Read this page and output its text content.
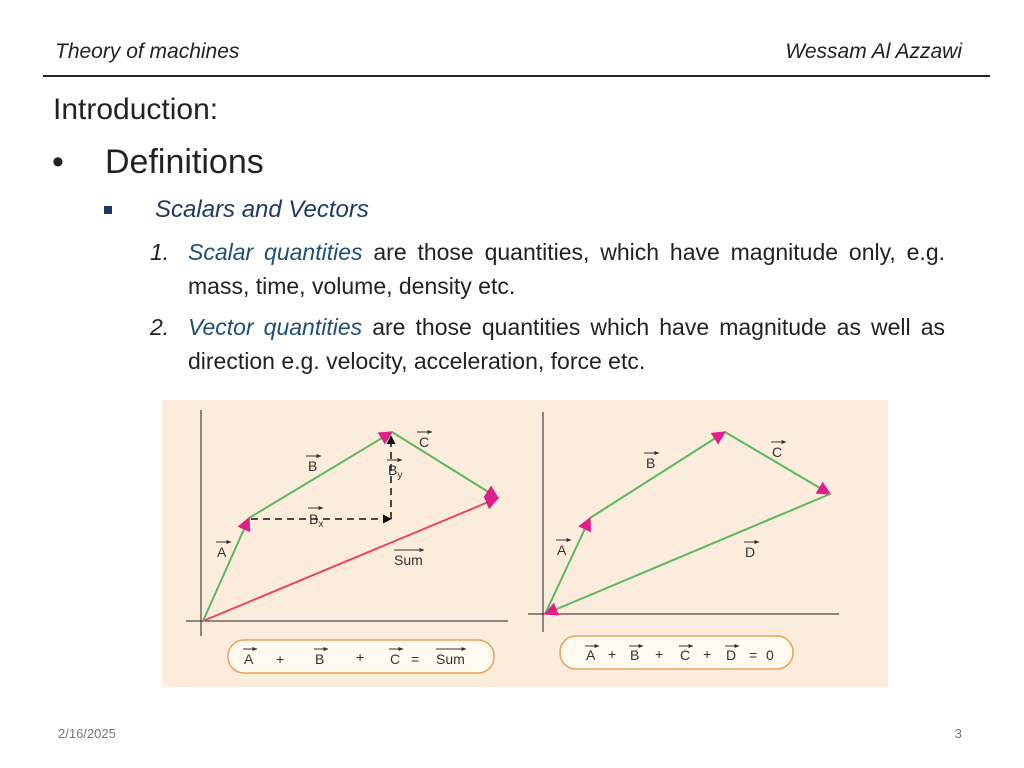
Theory of machines	Wessam Al Azzawi
Introduction:
• Definitions
Scalars and Vectors
1. Scalar quantities are those quantities, which have magnitude only, e.g. mass, time, volume, density etc.
2. Vector quantities are those quantities which have magnitude as well as direction e.g. velocity, acceleration, force etc.
C
B	$B_y$
$B_x$
A	Sum
A + B + C = Sum
C
B
A	D
A + B + C + D = 0
2/16/2025	3
